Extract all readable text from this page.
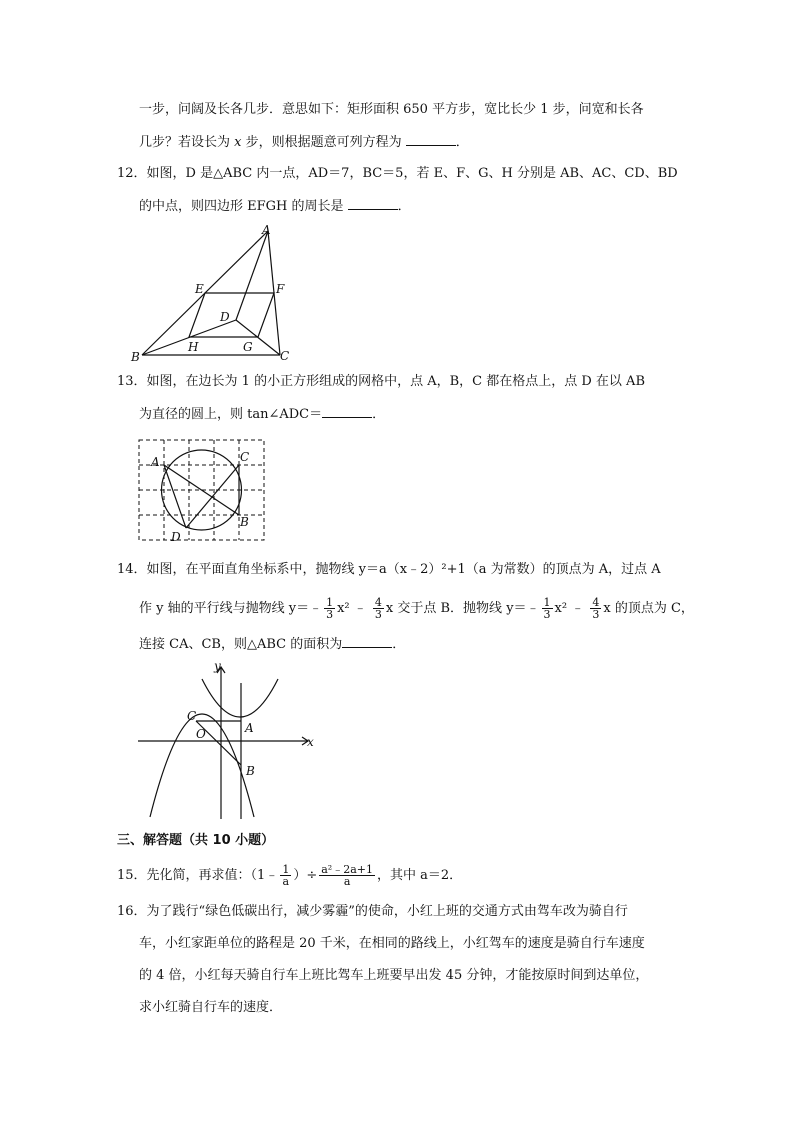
一步，问阔及长各几步．意思如下：矩形面积 650 平方步，宽比长少 1 步，问宽和长各
几步？若设长为 x 步，则根据题意可列方程为	．
12．如图，D 是△ABC 内一点，AD＝7，BC＝5，若 E、F、G、H 分别是 AB、AC、CD、BD
的中点，则四边形 EFGH 的周长是	．
A
B	C
D
E	F
G
H
13．如图，在边长为 1 的小正方形组成的网格中，点 A，B，C 都在格点上，点 D 在以 AB
为直径的圆上，则 tan∠ADC＝	．
A	C
B
D
14．如图，在平面直角坐标系中，抛物线 y＝a（x﹣2）²+1（a 为常数）的顶点为 A，过点 A
作 y 轴的平行线与抛物线 y＝﹣ $\frac{1}{3} x^2$ ﹣ $\frac{4}{3}$ x 交于点 B．抛物线 y＝﹣ $\frac{1}{3} x^2$ ﹣ $\frac{4}{3}$ x 的顶点为 C，
连接 CA、CB，则△ABC 的面积为	．
y
x
C
O	A
B
三、解答题（共 10 小题）
15．先化简，再求值：（1﹣ $\frac{1}{a}$ ）÷ $\frac{\text{a²﹣2a+1}}{a}$ ，其中 a＝2．
16．为了践行“绿色低碳出行，减少雾霾”的使命，小红上班的交通方式由驾车改为骑自行
车，小红家距单位的路程是 20 千米，在相同的路线上，小红驾车的速度是骑自行车速度
的 4 倍，小红每天骑自行车上班比驾车上班要早出发 45 分钟，才能按原时间到达单位，
求小红骑自行车的速度．
